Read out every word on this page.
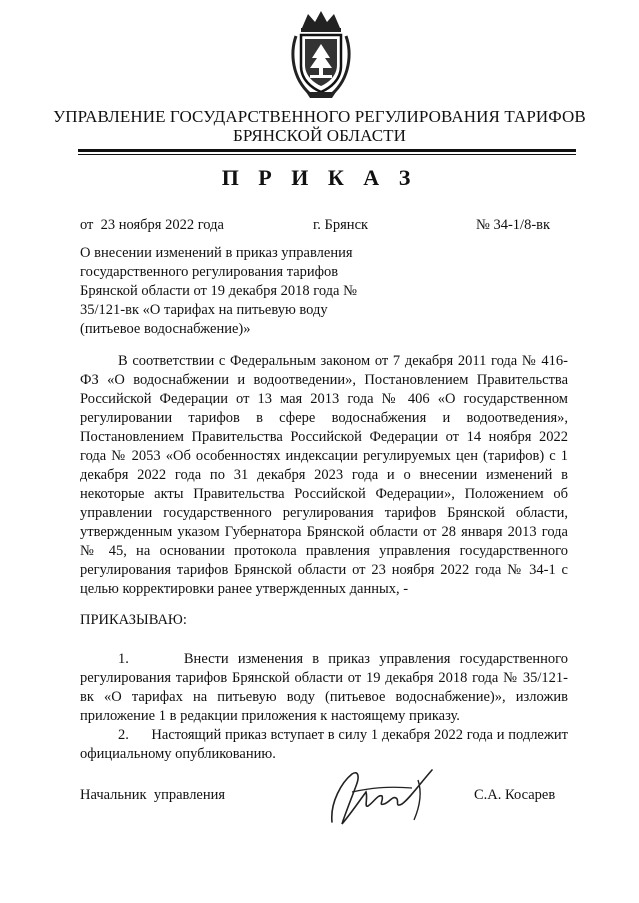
УПРАВЛЕНИЕ ГОСУДАРСТВЕННОГО РЕГУЛИРОВАНИЯ ТАРИФОВ
БРЯНСКОЙ ОБЛАСТИ
П Р И К А З
от  23 ноября 2022 года	г. Брянск	№ 34-1/8-вк
О внесении изменений в приказ управления государственного регулирования тарифов Брянской области от 19 декабря 2018 года № 35/121-вк «О тарифах на питьевую воду (питьевое водоснабжение)»
В соответствии с Федеральным законом от 7 декабря 2011 года № 416-ФЗ «О водоснабжении и водоотведении», Постановлением Правительства Российской Федерации от 13 мая 2013 года № 406 «О государственном регулировании тарифов в сфере водоснабжения и водоотведения», Постановлением Правительства Российской Федерации от 14 ноября 2022 года № 2053 «Об особенностях индексации регулируемых цен (тарифов) с 1 декабря 2022 года по 31 декабря 2023 года и о внесении изменений в некоторые акты Правительства Российской Федерации», Положением об управлении государственного регулирования тарифов Брянской области, утвержденным указом Губернатора Брянской области от 28 января 2013 года № 45, на основании протокола правления управления государственного регулирования тарифов Брянской области от 23 ноября 2022 года № 34-1 с целью корректировки ранее утвержденных данных, -
ПРИКАЗЫВАЮ:
1.	Внести изменения в приказ управления государственного регулирования тарифов Брянской области от 19 декабря 2018 года № 35/121-вк «О тарифах на питьевую воду (питьевое водоснабжение)», изложив приложение 1 в редакции приложения к настоящему приказу.
2. Настоящий приказ вступает в силу 1 декабря 2022 года и подлежит официальному опубликованию.
Начальник  управления	С.А. Косарев
